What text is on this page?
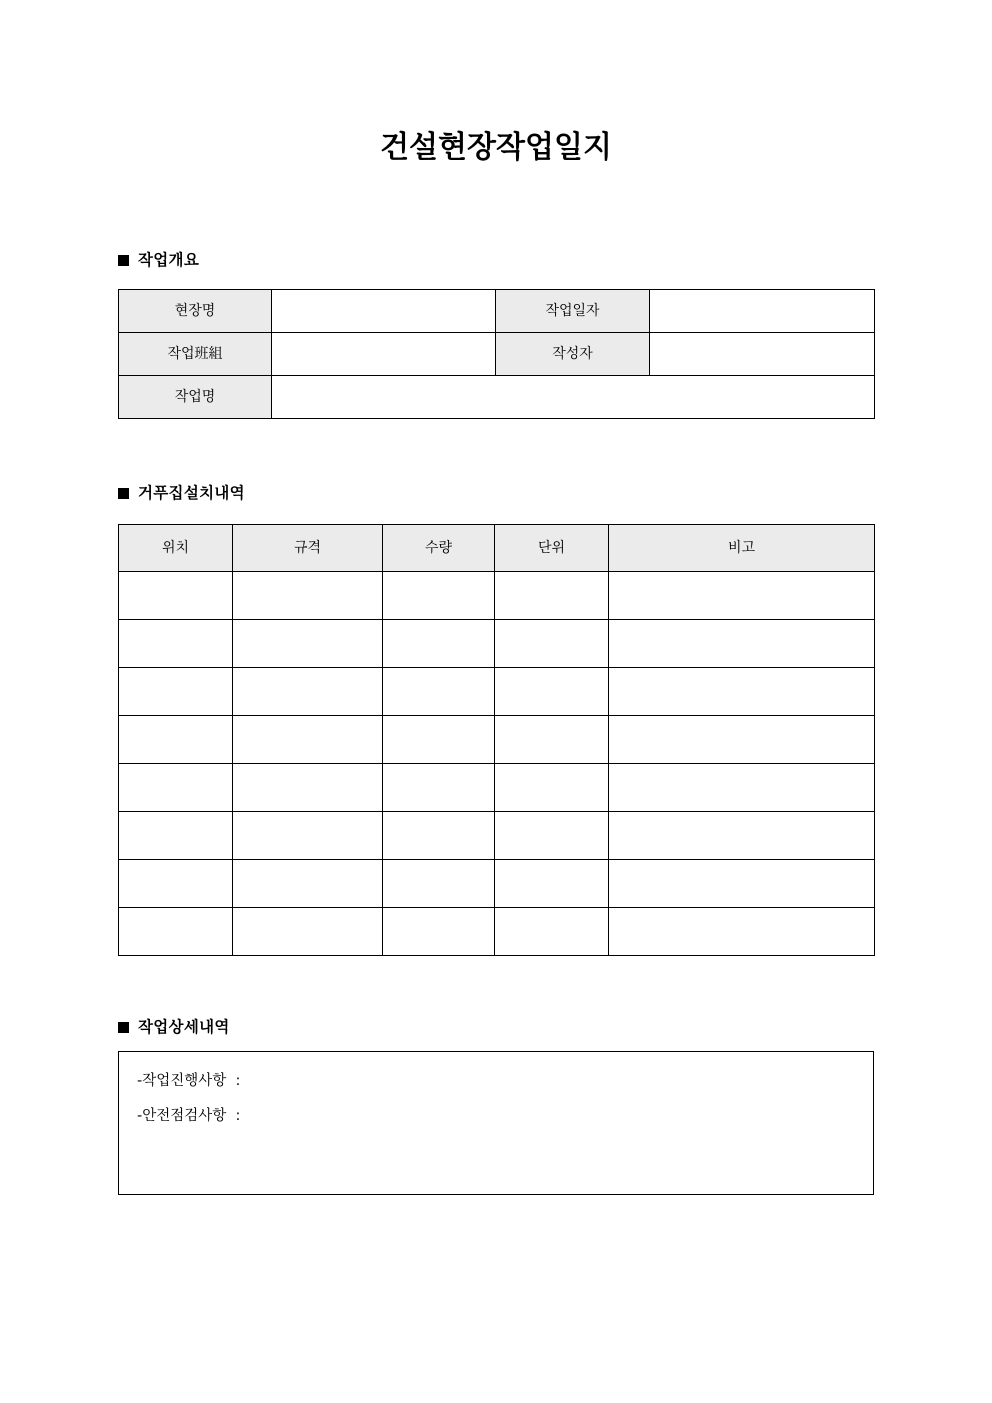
건설현장작업일지
작업개요
현장명		작업일자	
작업班組		작성자	
작업명			
거푸집설치내역
위치	규격	수량	단위	비고

작업상세내역
-작업진행사항  :
-안전점검사항  :
